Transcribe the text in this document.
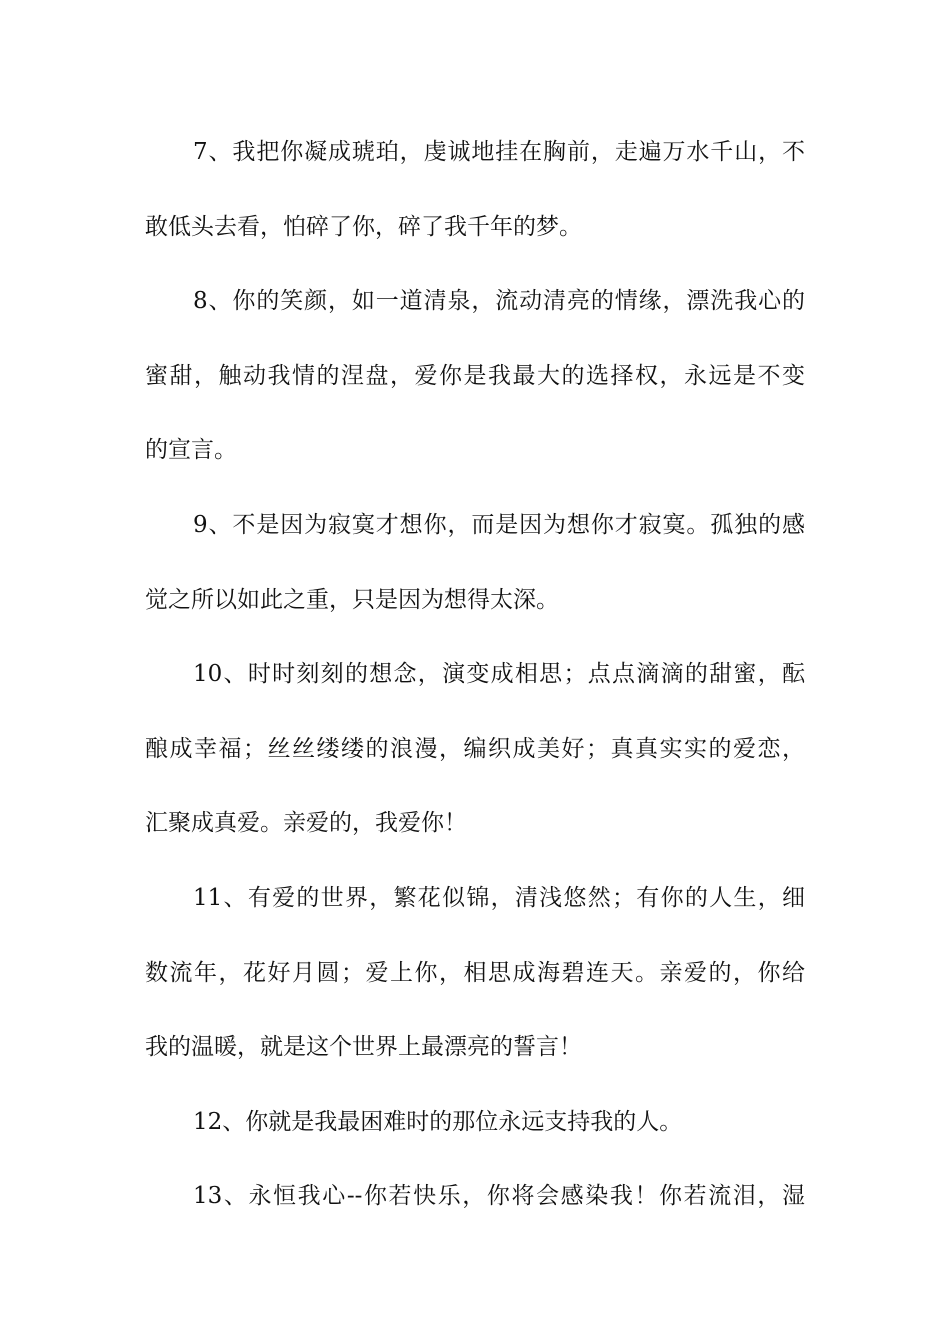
7、我把你凝成琥珀，虔诚地挂在胸前，走遍万水千山，不
敢低头去看，怕碎了你，碎了我千年的梦。
8、你的笑颜，如一道清泉，流动清亮的情缘，漂洗我心的
蜜甜，触动我情的涅盘，爱你是我最大的选择权，永远是不变
的宣言。
9、不是因为寂寞才想你，而是因为想你才寂寞。孤独的感
觉之所以如此之重，只是因为想得太深。
10、时时刻刻的想念，演变成相思；点点滴滴的甜蜜，酝
酿成幸福；丝丝缕缕的浪漫，编织成美好；真真实实的爱恋，
汇聚成真爱。亲爱的，我爱你！
11、有爱的世界，繁花似锦，清浅悠然；有你的人生，细
数流年，花好月圆；爱上你，相思成海碧连天。亲爱的，你给
我的温暖，就是这个世界上最漂亮的誓言！
12、你就是我最困难时的那位永远支持我的人。
13、永恒我心--你若快乐，你将会感染我！你若流泪，湿
